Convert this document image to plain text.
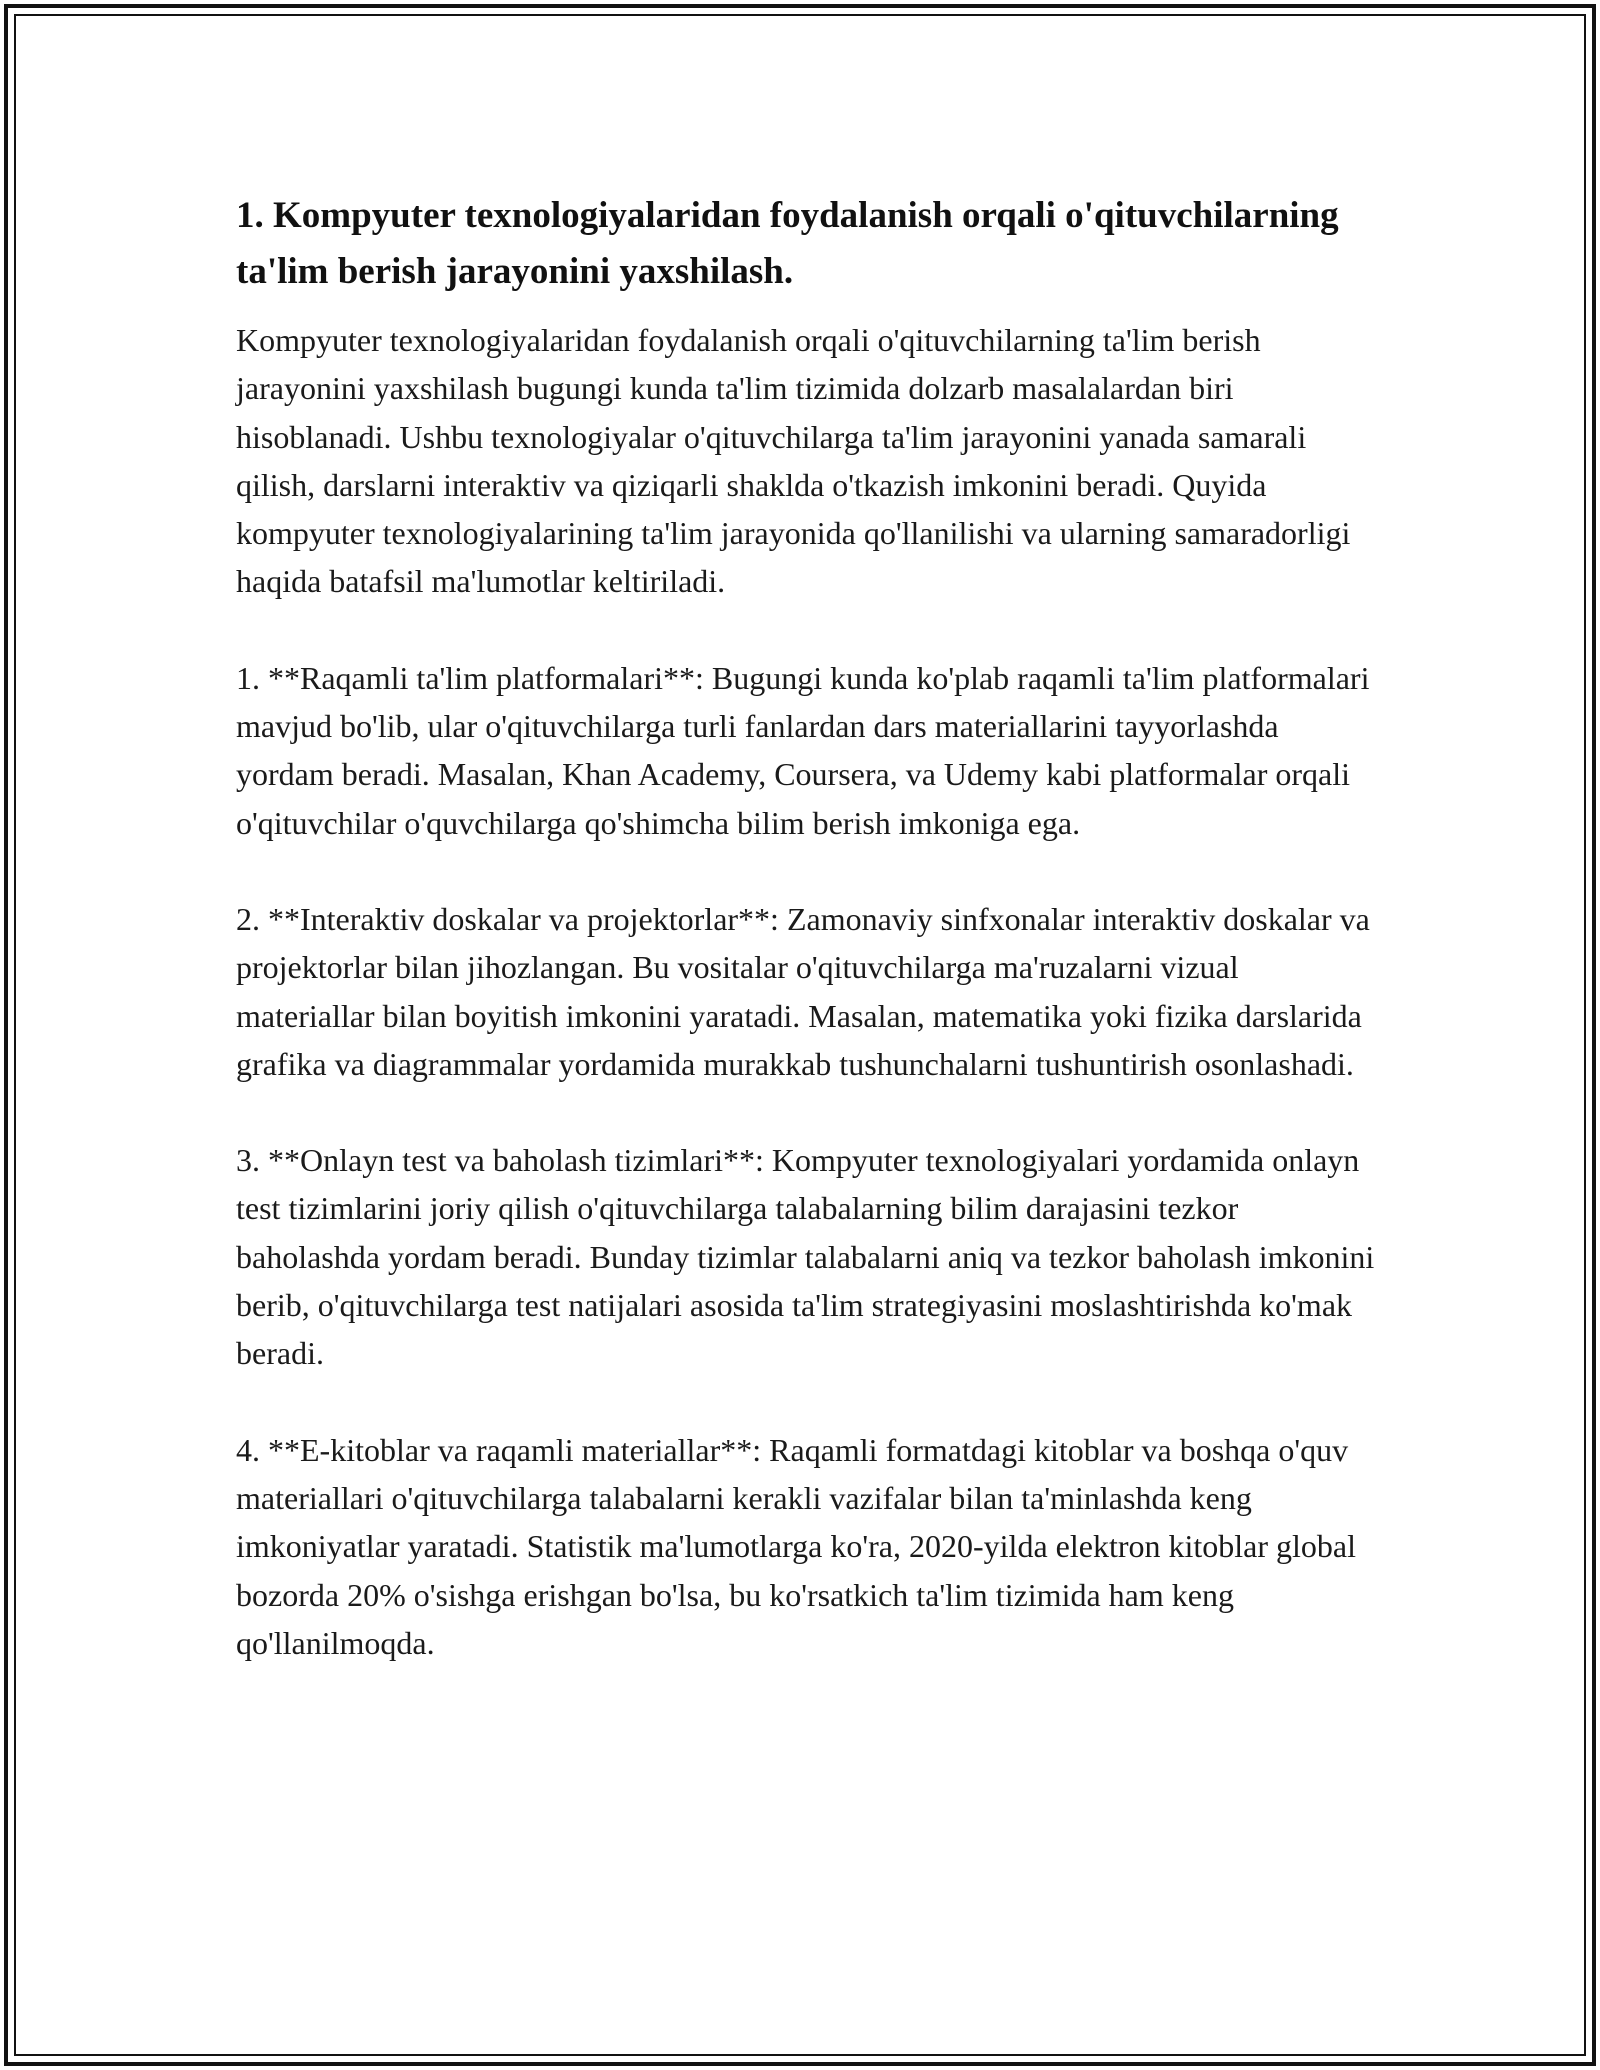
1. Kompyuter texnologiyalaridan foydalanish orqali o'qituvchilarning ta'lim berish jarayonini yaxshilash.

Kompyuter texnologiyalaridan foydalanish orqali o'qituvchilarning ta'lim berish jarayonini yaxshilash bugungi kunda ta'lim tizimida dolzarb masalalardan biri hisoblanadi. Ushbu texnologiyalar o'qituvchilarga ta'lim jarayonini yanada samarali qilish, darslarni interaktiv va qiziqarli shaklda o'tkazish imkonini beradi. Quyida kompyuter texnologiyalarining ta'lim jarayonida qo'llanilishi va ularning samaradorligi haqida batafsil ma'lumotlar keltiriladi.

1. **Raqamli ta'lim platformalari**: Bugungi kunda ko'plab raqamli ta'lim platformalari mavjud bo'lib, ular o'qituvchilarga turli fanlardan dars materiallarini tayyorlashda yordam beradi. Masalan, Khan Academy, Coursera, va Udemy kabi platformalar orqali o'qituvchilar o'quvchilarga qo'shimcha bilim berish imkoniga ega.

2. **Interaktiv doskalar va projektorlar**: Zamonaviy sinfxonalar interaktiv doskalar va projektorlar bilan jihozlangan. Bu vositalar o'qituvchilarga ma'ruzalarni vizual materiallar bilan boyitish imkonini yaratadi. Masalan, matematika yoki fizika darslarida grafika va diagrammalar yordamida murakkab tushunchalarni tushuntirish osonlashadi.

3. **Onlayn test va baholash tizimlari**: Kompyuter texnologiyalari yordamida onlayn test tizimlarini joriy qilish o'qituvchilarga talabalarning bilim darajasini tezkor baholashda yordam beradi. Bunday tizimlar talabalarni aniq va tezkor baholash imkonini berib, o'qituvchilarga test natijalari asosida ta'lim strategiyasini moslashtirishda ko'mak beradi.

4. **E-kitoblar va raqamli materiallar**: Raqamli formatdagi kitoblar va boshqa o'quv materiallari o'qituvchilarga talabalarni kerakli vazifalar bilan ta'minlashda keng imkoniyatlar yaratadi. Statistik ma'lumotlarga ko'ra, 2020-yilda elektron kitoblar global bozorda 20% o'sishga erishgan bo'lsa, bu ko'rsatkich ta'lim tizimida ham keng qo'llanilmoqda.
